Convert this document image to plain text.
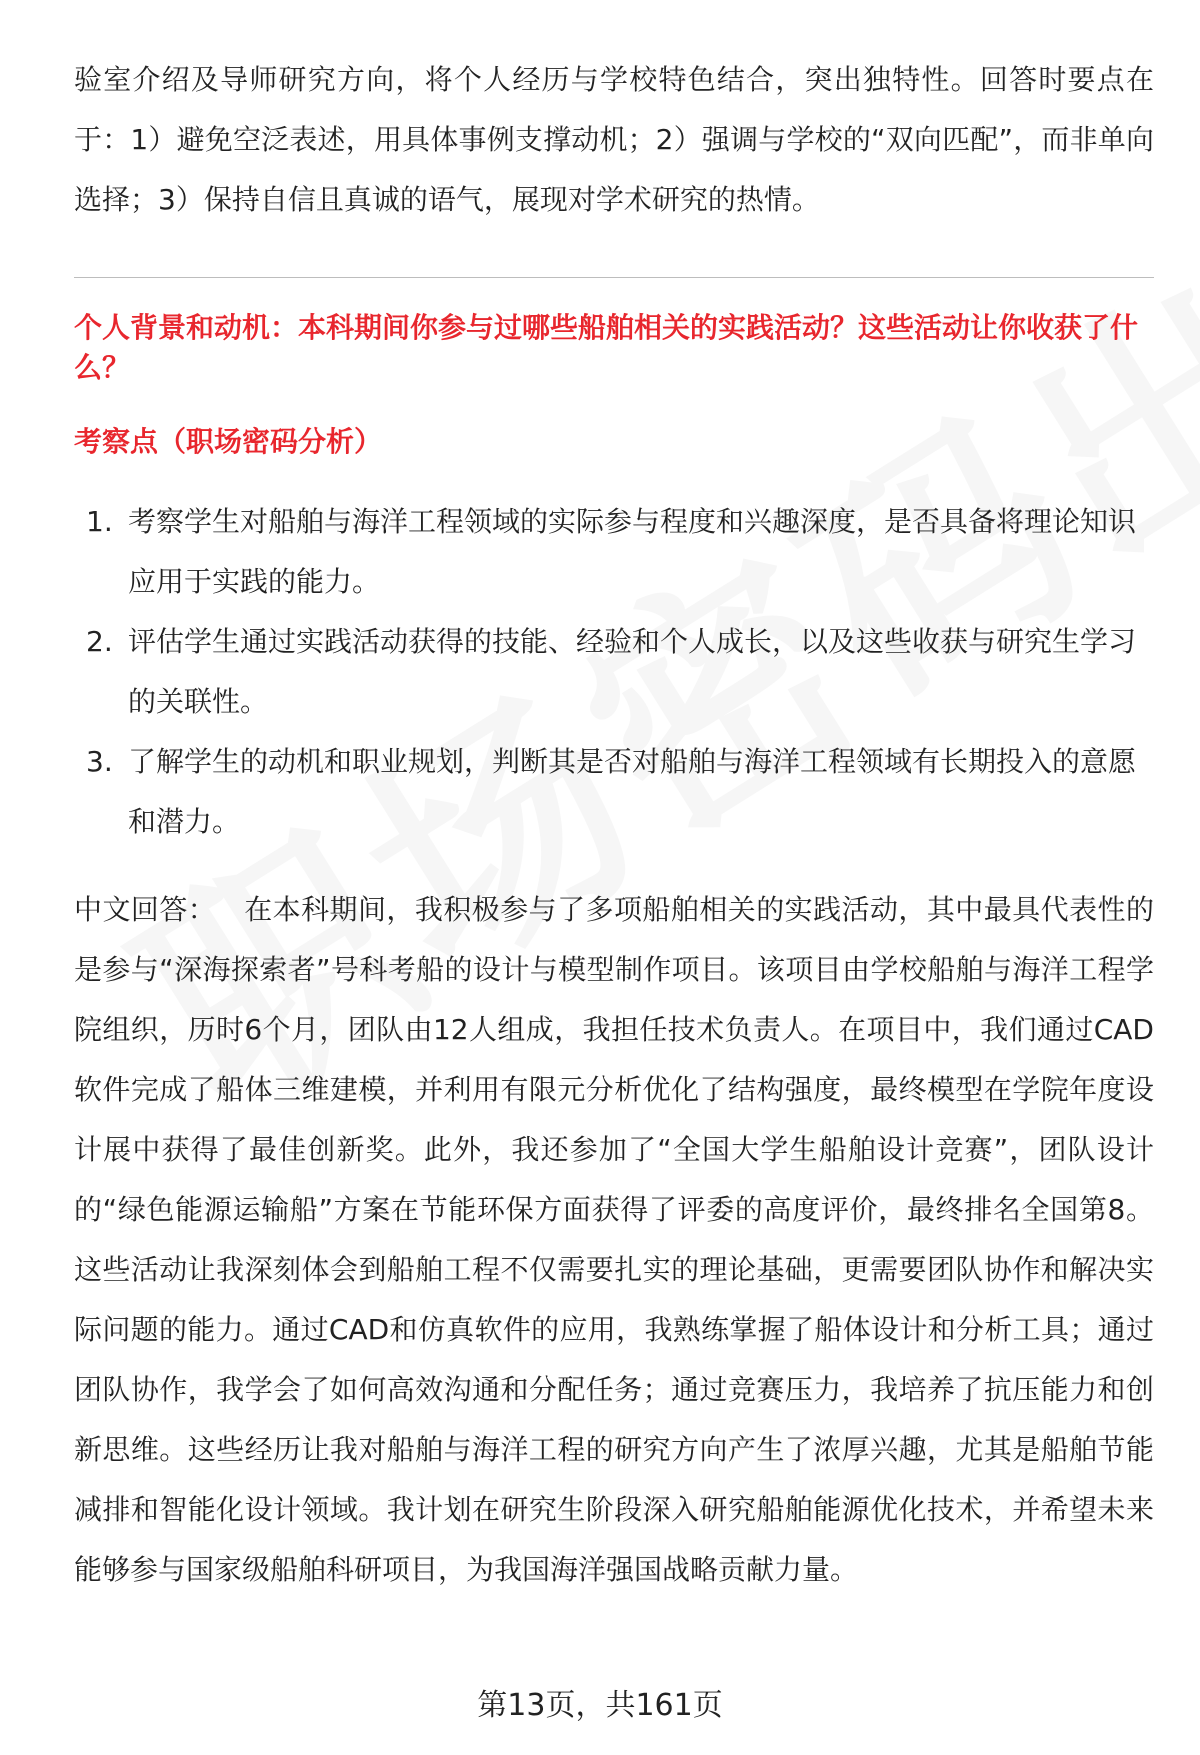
验室介绍及导师研究方向，将个人经历与学校特色结合，突出独特性。回答时要点在于：1）避免空泛表述，用具体事例支撑动机；2）强调与学校的“双向匹配”，而非单向选择；3）保持自信且真诚的语气，展现对学术研究的热情。

个人背景和动机：本科期间你参与过哪些船舶相关的实践活动？这些活动让你收获了什么？

考察点（职场密码分析）

1. 考察学生对船舶与海洋工程领域的实际参与程度和兴趣深度，是否具备将理论知识应用于实践的能力。
2. 评估学生通过实践活动获得的技能、经验和个人成长，以及这些收获与研究生学习的关联性。
3. 了解学生的动机和职业规划，判断其是否对船舶与海洋工程领域有长期投入的意愿和潜力。

中文回答： 在本科期间，我积极参与了多项船舶相关的实践活动，其中最具代表性的是参与“深海探索者”号科考船的设计与模型制作项目。该项目由学校船舶与海洋工程学院组织，历时6个月，团队由12人组成，我担任技术负责人。在项目中，我们通过CAD软件完成了船体三维建模，并利用有限元分析优化了结构强度，最终模型在学院年度设计展中获得了最佳创新奖。此外，我还参加了“全国大学生船舶设计竞赛”，团队设计的“绿色能源运输船”方案在节能环保方面获得了评委的高度评价，最终排名全国第8。这些活动让我深刻体会到船舶工程不仅需要扎实的理论基础，更需要团队协作和解决实际问题的能力。通过CAD和仿真软件的应用，我熟练掌握了船体设计和分析工具；通过团队协作，我学会了如何高效沟通和分配任务；通过竞赛压力，我培养了抗压能力和创新思维。这些经历让我对船舶与海洋工程的研究方向产生了浓厚兴趣，尤其是船舶节能减排和智能化设计领域。我计划在研究生阶段深入研究船舶能源优化技术，并希望未来能够参与国家级船舶科研项目，为我国海洋强国战略贡献力量。

第13页，共161页
